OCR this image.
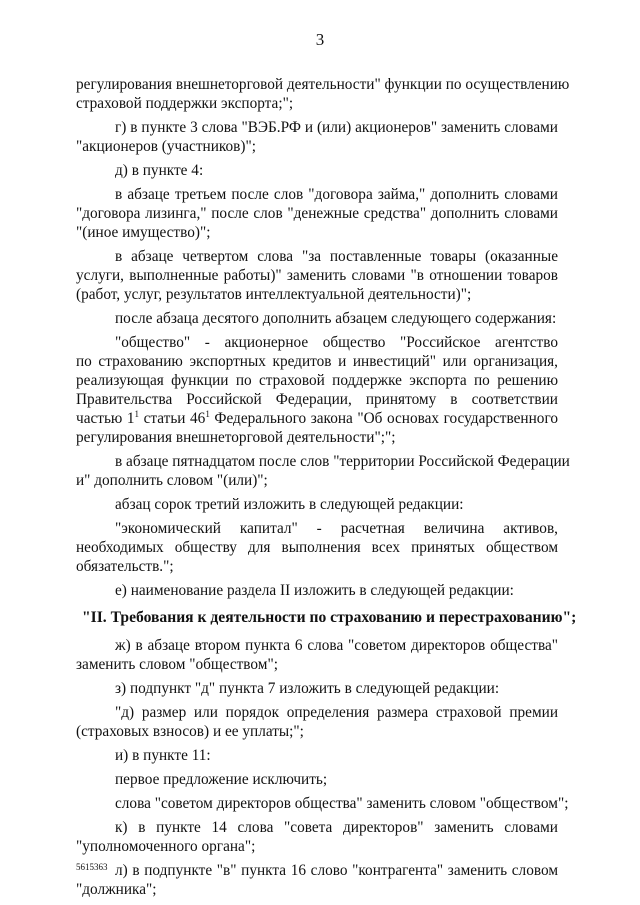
3
регулирования внешнеторговой деятельности" функции по осуществлению
страховой поддержки экспорта;";
г) в пункте 3 слова "ВЭБ.РФ и (или) акционеров" заменить словами
"акционеров (участников)";
д) в пункте 4:
в абзаце третьем после слов "договора займа," дополнить словами
"договора лизинга," после слов "денежные средства" дополнить словами
"(иное имущество)";
в абзаце четвертом слова "за поставленные товары (оказанные
услуги, выполненные работы)" заменить словами "в отношении товаров
(работ, услуг, результатов интеллектуальной деятельности)";
после абзаца десятого дополнить абзацем следующего содержания:
"общество" - акционерное общество "Российское агентство
по страхованию экспортных кредитов и инвестиций" или организация,
реализующая функции по страховой поддержке экспорта по решению
Правительства Российской Федерации, принятому в соответствии
частью $1^1$ статьи $46^1$ Федерального закона "Об основах государственного
регулирования внешнеторговой деятельности";";
в абзаце пятнадцатом после слов "территории Российской Федерации
и" дополнить словом "(или)";
абзац сорок третий изложить в следующей редакции:
"экономический капитал" - расчетная величина активов,
необходимых обществу для выполнения всех принятых обществом
обязательств.";
е) наименование раздела II изложить в следующей редакции:
"II. Требования к деятельности по страхованию и перестрахованию";
ж) в абзаце втором пункта 6 слова "советом директоров общества"
заменить словом "обществом";
з) подпункт "д" пункта 7 изложить в следующей редакции:
"д) размер или порядок определения размера страховой премии
(страховых взносов) и ее уплаты;";
и) в пункте 11:
первое предложение исключить;
слова "советом директоров общества" заменить словом "обществом";
к) в пункте 14 слова "совета директоров" заменить словами
"уполномоченного органа";
л) в подпункте "в" пункта 16 слово "контрагента" заменить словом
"должника";
5615363
